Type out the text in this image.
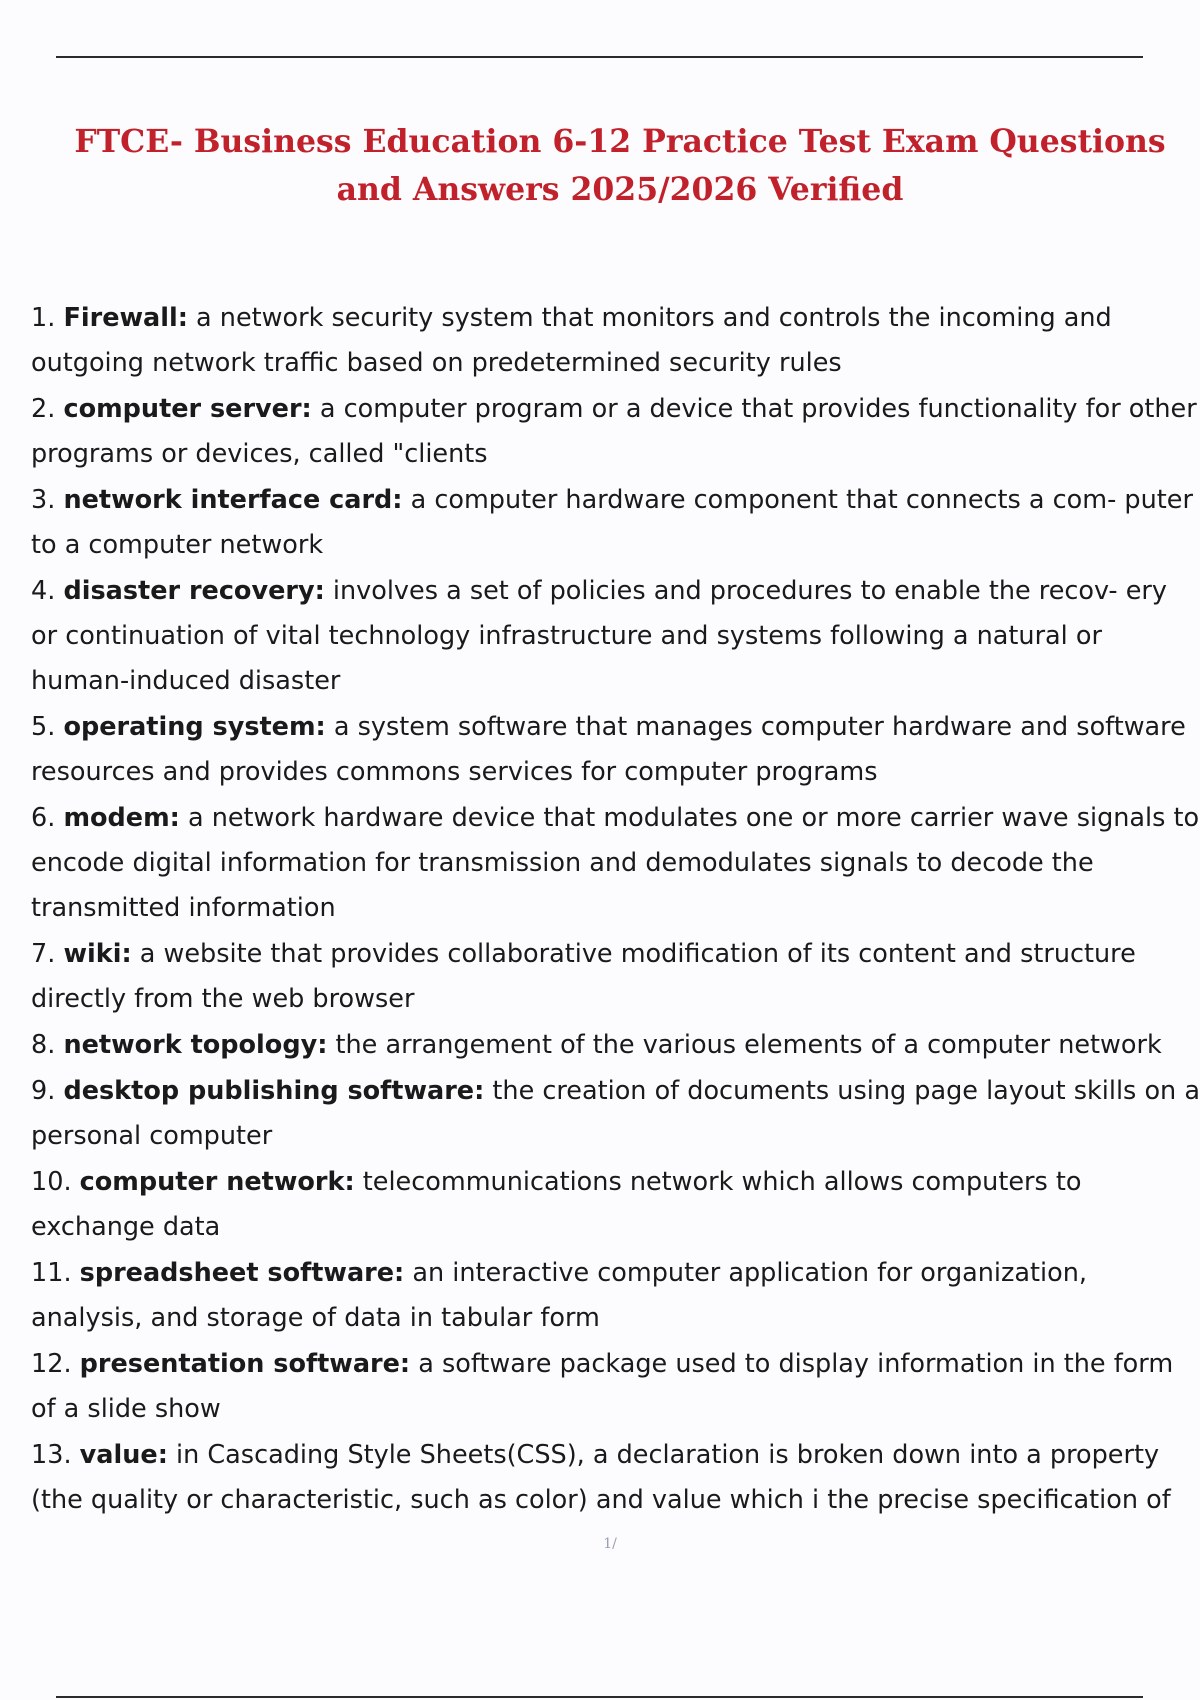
FTCE- Business Education 6-12 Practice Test Exam Questions and Answers 2025/2026 Verified
1. Firewall: a network security system that monitors and controls the incoming and outgoing network traffic based on predetermined security rules
2. computer server: a computer program or a device that provides functionality for other programs or devices, called "clients
3. network interface card: a computer hardware component that connects a com- puter to a computer network
4. disaster recovery: involves a set of policies and procedures to enable the recov- ery or continuation of vital technology infrastructure and systems following a natural or human-induced disaster
5. operating system: a system software that manages computer hardware and software resources and provides commons services for computer programs
6. modem: a network hardware device that modulates one or more carrier wave signals to encode digital information for transmission and demodulates signals to decode the transmitted information
7. wiki: a website that provides collaborative modification of its content and structure directly from the web browser
8. network topology: the arrangement of the various elements of a computer network
9. desktop publishing software: the creation of documents using page layout skills on a personal computer
10. computer network: telecommunications network which allows computers to exchange data
11. spreadsheet software: an interactive computer application for organization, analysis, and storage of data in tabular form
12. presentation software: a software package used to display information in the form of a slide show
13. value: in Cascading Style Sheets(CSS), a declaration is broken down into a property (the quality or characteristic, such as color) and value which i the precise specification of
1/
